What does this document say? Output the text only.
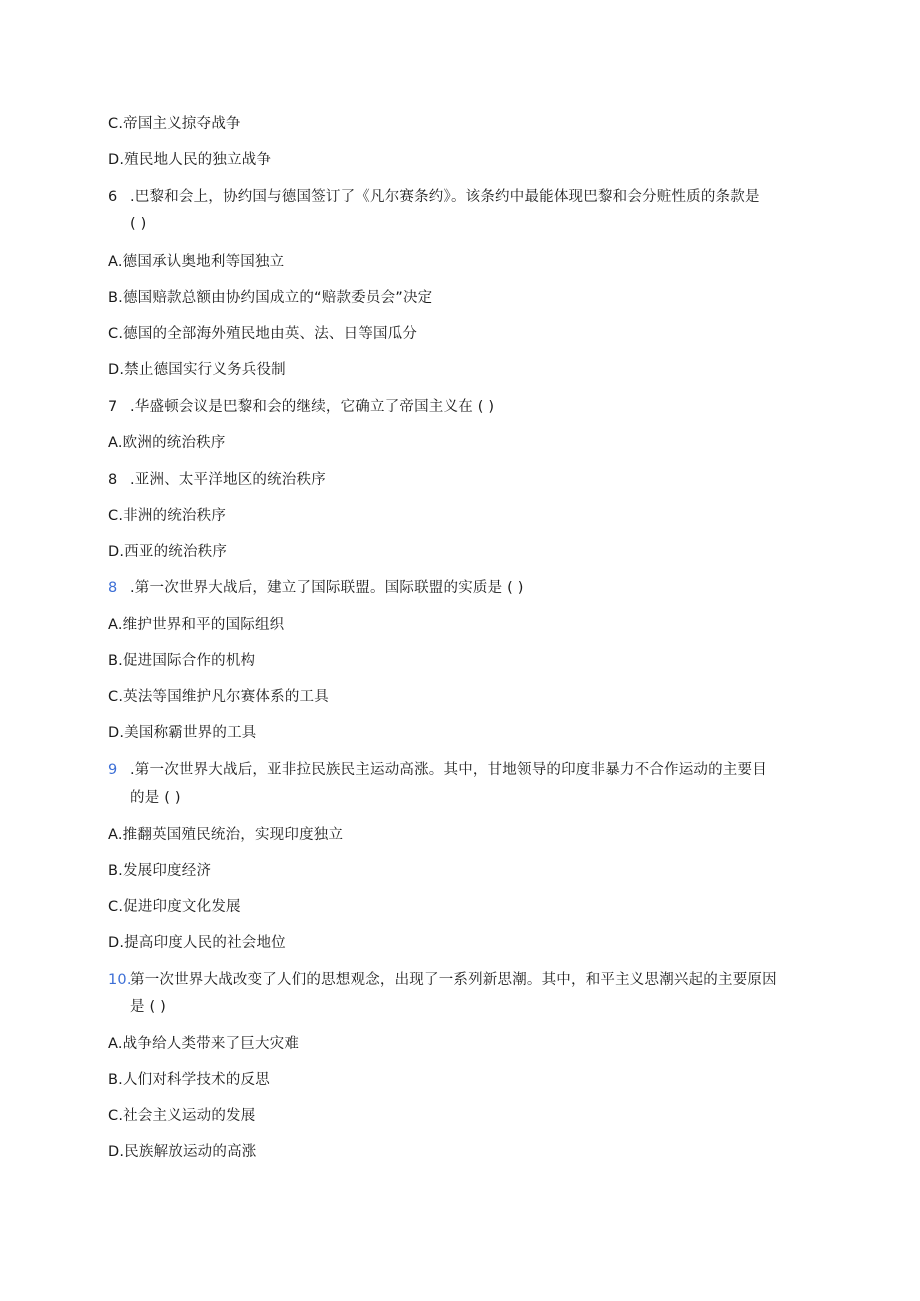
C.帝国主义掠夺战争
D.殖民地人民的独立战争
6 .巴黎和会上，协约国与德国签订了《凡尔赛条约》。该条约中最能体现巴黎和会分赃性质的条款是
( )
A.德国承认奥地利等国独立
B.德国赔款总额由协约国成立的“赔款委员会”决定
C.德国的全部海外殖民地由英、法、日等国瓜分
D.禁止德国实行义务兵役制
7 .华盛顿会议是巴黎和会的继续，它确立了帝国主义在 ( )
A.欧洲的统治秩序
8 .亚洲、太平洋地区的统治秩序
C.非洲的统治秩序
D.西亚的统治秩序
8 .第一次世界大战后，建立了国际联盟。国际联盟的实质是 ( )
A.维护世界和平的国际组织
B.促进国际合作的机构
C.英法等国维护凡尔赛体系的工具
D.美国称霸世界的工具
9 .第一次世界大战后，亚非拉民族民主运动高涨。其中，甘地领导的印度非暴力不合作运动的主要目
的是 ( )
A.推翻英国殖民统治，实现印度独立
B.发展印度经济
C.促进印度文化发展
D.提高印度人民的社会地位
10.第一次世界大战改变了人们的思想观念，出现了一系列新思潮。其中，和平主义思潮兴起的主要原因
是 ( )
A.战争给人类带来了巨大灾难
B.人们对科学技术的反思
C.社会主义运动的发展
D.民族解放运动的高涨
